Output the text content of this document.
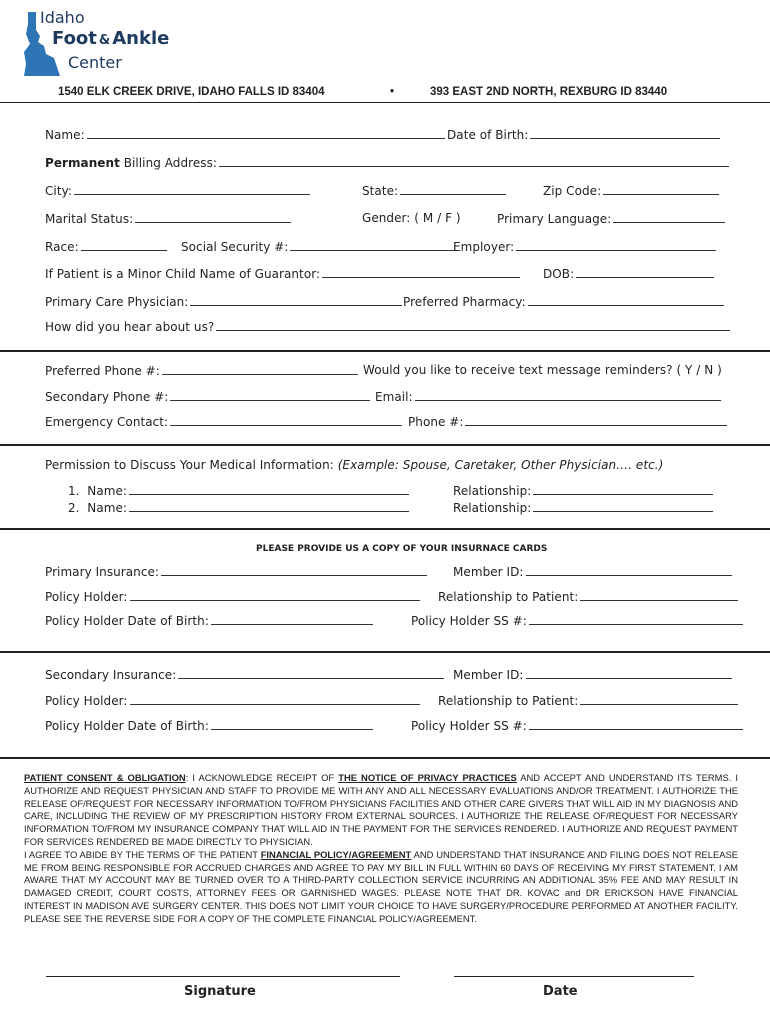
Idaho
Foot & Ankle
Center
1540 ELK CREEK DRIVE, IDAHO FALLS ID 83404	•	393 EAST 2ND NORTH, REXBURG ID 83440
Name:	Date of Birth:
Permanent Billing Address:
City:	State:	Zip Code:
Marital Status:	Gender: ( M / F )	Primary Language:
Race:	Social Security #:	Employer:
If Patient is a Minor Child Name of Guarantor:	DOB:
Primary Care Physician:	Preferred Pharmacy:
How did you hear about us?
Preferred Phone #:	Would you like to receive text message reminders? ( Y / N )
Secondary Phone #:	Email:
Emergency Contact:	Phone #:
Permission to Discuss Your Medical Information: (Example: Spouse, Caretaker, Other Physician…. etc.)
1. Name:	Relationship:
2. Name:	Relationship:
PLEASE PROVIDE US A COPY OF YOUR INSURNACE CARDS
Primary Insurance:	Member ID:
Policy Holder:	Relationship to Patient:
Policy Holder Date of Birth:	Policy Holder SS #:
Secondary Insurance:	Member ID:
Policy Holder:	Relationship to Patient:
Policy Holder Date of Birth:	Policy Holder SS #:
PATIENT CONSENT & OBLIGATION: I ACKNOWLEDGE RECEIPT OF THE NOTICE OF PRIVACY PRACTICES AND ACCEPT AND UNDERSTAND ITS TERMS. I AUTHORIZE AND REQUEST PHYSICIAN AND STAFF TO PROVIDE ME WITH ANY AND ALL NECESSARY EVALUATIONS AND/OR TREATMENT. I AUTHORIZE THE RELEASE OF/REQUEST FOR NECESSARY INFORMATION TO/FROM PHYSICIANS FACILITIES AND OTHER CARE GIVERS THAT WILL AID IN MY DIAGNOSIS AND CARE, INCLUDING THE REVIEW OF MY PRESCRIPTION HISTORY FROM EXTERNAL SOURCES. I AUTHORIZE THE RELEASE OF/REQUEST FOR NECESSARY INFORMATION TO/FROM MY INSURANCE COMPANY THAT WILL AID IN THE PAYMENT FOR THE SERVICES RENDERED. I AUTHORIZE AND REQUEST PAYMENT FOR SERVICES RENDERED BE MADE DIRECTLY TO PHYSICIAN.
I AGREE TO ABIDE BY THE TERMS OF THE PATIENT FINANCIAL POLICY/AGREEMENT AND UNDERSTAND THAT INSURANCE AND FILING DOES NOT RELEASE ME FROM BEING RESPONSIBLE FOR ACCRUED CHARGES AND AGREE TO PAY MY BILL IN FULL WITHIN 60 DAYS OF RECEIVING MY FIRST STATEMENT. I AM AWARE THAT MY ACCOUNT MAY BE TURNED OVER TO A THIRD-PARTY COLLECTION SERVICE INCURRING AN ADDITIONAL 35% FEE AND MAY RESULT IN DAMAGED CREDIT, COURT COSTS, ATTORNEY FEES OR GARNISHED WAGES. PLEASE NOTE THAT DR. KOVAC and DR ERICKSON HAVE FINANCIAL INTEREST IN MADISON AVE SURGERY CENTER. THIS DOES NOT LIMIT YOUR CHOICE TO HAVE SURGERY/PROCEDURE PERFORMED AT ANOTHER FACILITY. PLEASE SEE THE REVERSE SIDE FOR A COPY OF THE COMPLETE FINANCIAL POLICY/AGREEMENT.
Signature	Date
